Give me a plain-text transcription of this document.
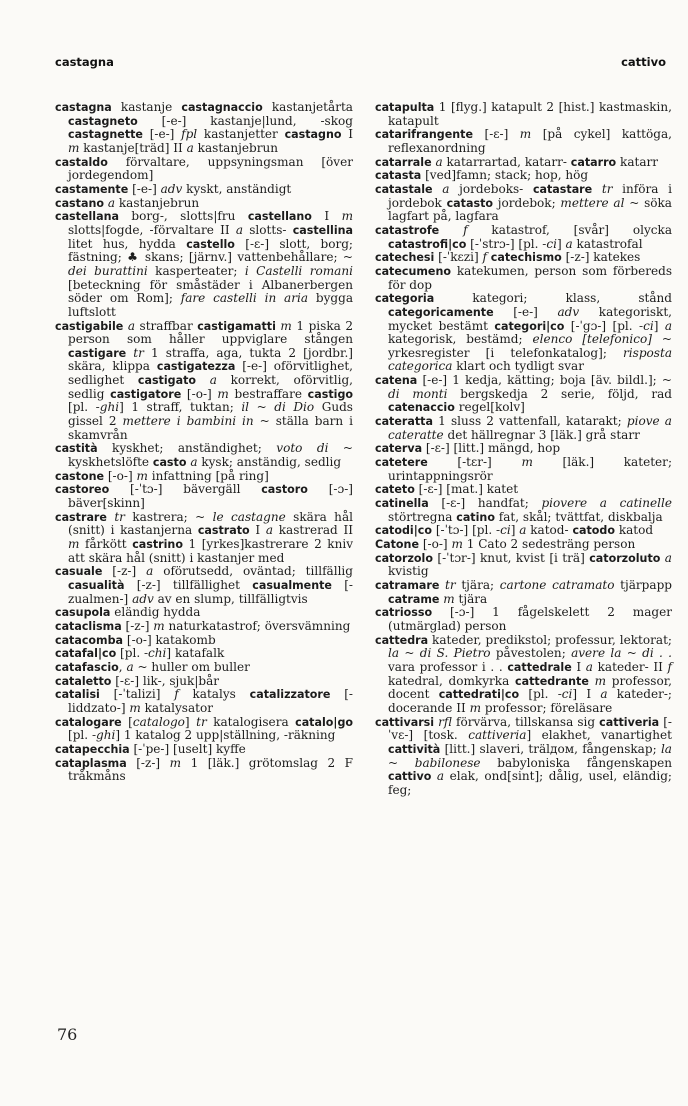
castagna	cattivo

castagna kastanje castagnaccio kastanjetårta castagneto [-e-] kastanje|lund, -skog castagnette [-e-] fpl kastanjetter castagno I m kastanje[träd] II a kastanjebrun

castaldo förvaltare, uppsyningsman [över jordegendom]

castamente [-e-] adv kyskt, anständigt

castano a kastanjebrun

castellana borg-, slotts|fru castellano I m slotts|fogde, -förvaltare II a slotts- castellina litet hus, hydda castello [-ε-] slott, borg; fästning; ♣ skans; [järnv.] vattenbehållare; ~ dei burattini kasperteater; i Castelli romani [beteckning för småstäder i Albanerbergen söder om Rom]; fare castelli in aria bygga luftslott

castigabile a straffbar castigamatti m 1 piska 2 person som håller uppviglare stången castigare tr 1 straffa, aga, tukta 2 [jordbr.] skära, klippa castigatezza [-e-] oförvitlighet, sedlighet castigato a korrekt, oförvitlig, sedlig castigatore [-o-] m bestraffare castigo [pl. -ghi] 1 straff, tuktan; il ~ di Dio Guds gissel 2 mettere i bambini in ~ ställa barn i skamvrån

castità kyskhet; anständighet; voto di ~ kyskhetslöfte casto a kysk; anständig, sedlig

castone [-o-] m infattning [på ring]

castoreo [-ˈtɔ-] bävergäll castoro [-ɔ-] bäver[skinn]

castrare tr kastrera; ~ le castagne skära hål (snitt) i kastanjerna castrato I a kastrerad II m fårkött castrino 1 [yrkes]kastrerare 2 kniv att skära hål (snitt) i kastanjer med

casuale [-z-] a oförutsedd, oväntad; tillfällig casualità [-z-] tillfällighet casualmente [-zualmen-] adv av en slump, tillfälligtvis

casupola eländig hydda

cataclisma [-z-] m naturkatastrof; översvämning

catacomba [-o-] katakomb

catafal|co [pl. -chi] katafalk

catafascio, a ~ huller om buller

cataletto [-ε-] lik-, sjuk|bår

catalisi [-ˈtalizi] f katalys catalizzatore [-liddzato-] m katalysator

catalogare [catalogo] tr katalogisera catalo|go [pl. -ghi] 1 katalog 2 upp|ställning, -räkning

catapecchia [-ˈpe-] [uselt] kyffe

cataplasma [-z-] m 1 [läk.] grötomslag 2 F tråkmåns

catapulta 1 [flyg.] katapult 2 [hist.] kastmaskin, katapult

catarifrangente [-ε-] m [på cykel] kattöga, reflexanordning

catarrale a katarrartad, katarr- catarro katarr

catasta [ved]famn; stack; hop, hög

catastale a jordeboks- catastare tr införa i jordebok catasto jordebok; mettere al ~ söka lagfart på, lagfara

catastrofe f katastrof, [svår] olycka catastrofi|co [-ˈstrɔ-] [pl. -ci] a katastrofal

catechesi [-ˈkεzi] f catechismo [-z-] katekes

catecumeno katekumen, person som förbereds för dop

categoria kategori; klass, stånd categoricamente [-e-] adv kategoriskt, mycket bestämt categori|co [-ˈgɔ-] [pl. -ci] a kategorisk, bestämd; elenco [telefonico] ~ yrkesregister [i telefonkatalog]; risposta categorica klart och tydligt svar

catena [-e-] 1 kedja, kätting; boja [äv. bildl.]; ~ di monti bergskedja 2 serie, följd, rad catenaccio regel[kolv]

cateratta 1 sluss 2 vattenfall, katarakt; piove a cateratte det hällregnar 3 [läk.] grå starr

caterva [-ε-] [litt.] mängd, hop

catetere [-tεr-] m [läk.] kateter; urintappningsrör

cateto [-ε-] [mat.] katet

catinella [-ε-] handfat; piovere a catinelle störtregna catino fat, skål; tvättfat, diskbalja

catodi|co [-ˈtɔ-] [pl. -ci] a katod- catodo katod

Catone [-o-] m 1 Cato 2 sedesträng person

catorzolo [-ˈtɔr-] knut, kvist [i trä] catorzoluto a kvistig

catramare tr tjära; cartone catramato tjärpapp catrame m tjära

catriosso [-ɔ-] 1 fågelskelett 2 mager (utmärglad) person

cattedra kateder, predikstol; professur, lektorat; la ~ di S. Pietro påvestolen; avere la ~ di . . vara professor i . . cattedrale I a kateder- II f katedral, domkyrka cattedrante m professor, docent cattedrati|co [pl. -ci] I a kateder-; docerande II m professor; föreläsare

cattivarsi rfl förvärva, tillskansa sig cattiveria [-ˈvε-] [tosk. cattiveria] elakhet, vanartighet cattività [litt.] slaveri, trälдом, fångenskap; la ~ babilonese babyloniska fångenskapen cattivo a elak, ond[sint]; dålig, usel, eländig; feg;

76
